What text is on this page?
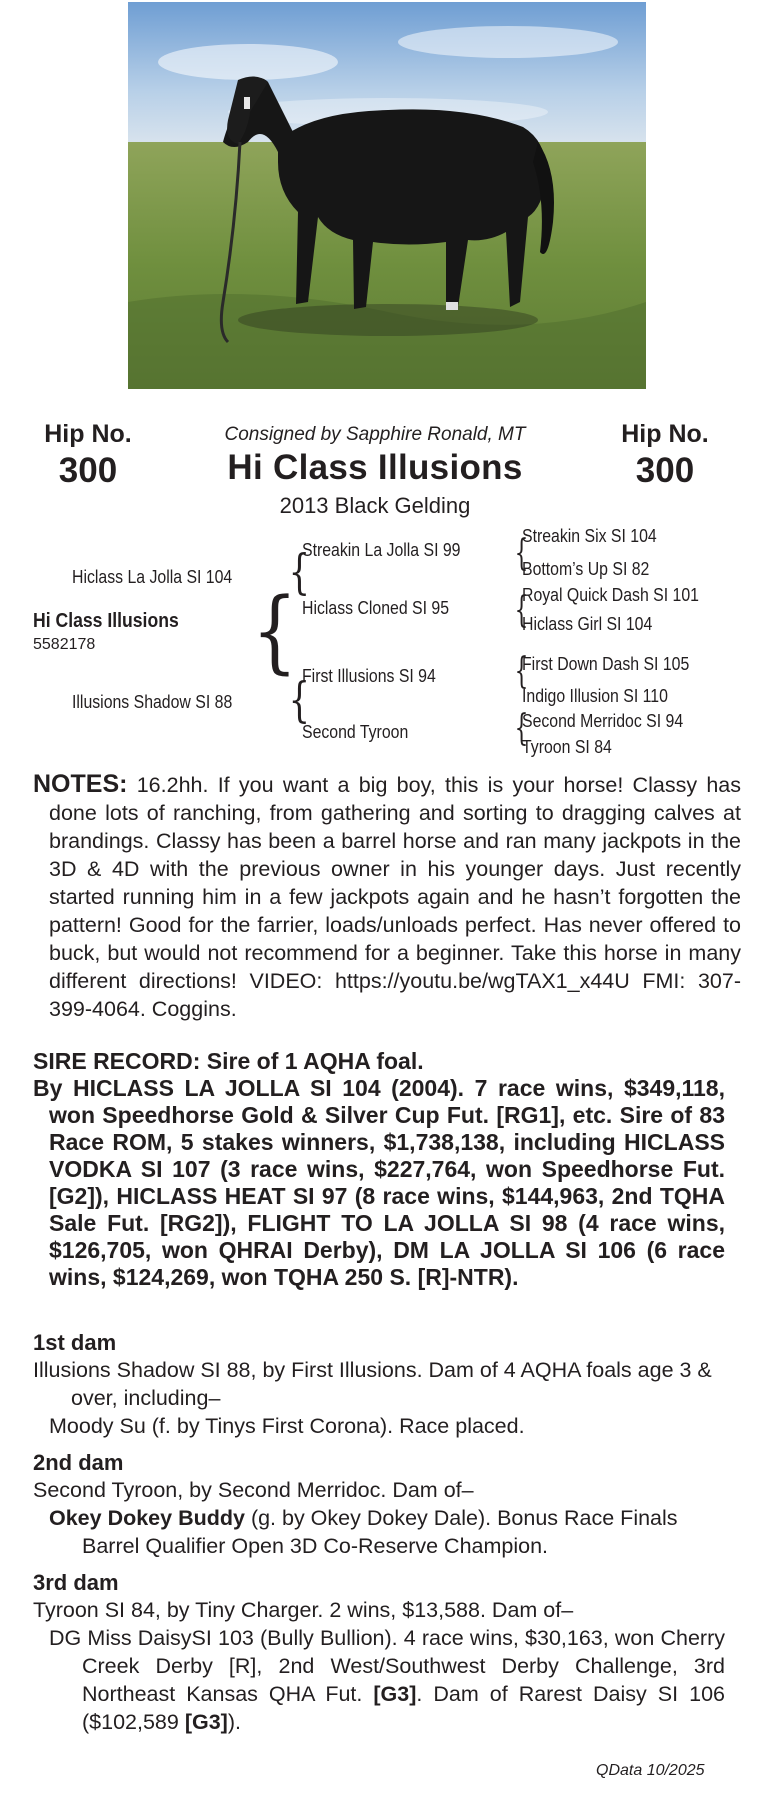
Hip No.
300
Hip No.
300
Consigned by Sapphire Ronald, MT
Hi Class Illusions
2013 Black Gelding
Hi Class Illusions
5582178
Hiclass La Jolla SI 104
Illusions Shadow SI 88
{
{
{
Streakin La Jolla SI 99
Hiclass Cloned SI 95
First Illusions SI 94
Second Tyroon
{
{
{
{
Streakin Six SI 104
Bottom’s Up SI 82
Royal Quick Dash SI 101
Hiclass Girl SI 104
First Down Dash SI 105
Indigo Illusion SI 110
Second Merridoc SI 94
Tyroon SI 84
NOTES: 16.2hh. If you want a big boy, this is your horse! Classy has done lots of ranching, from gathering and sorting to dragging calves at brandings. Classy has been a barrel horse and ran many jackpots in the 3D & 4D with the previous owner in his younger days. Just recently started running him in a few jackpots again and he hasn’t forgotten the pattern! Good for the farrier, loads/unloads perfect. Has never offered to buck, but would not recommend for a beginner. Take this horse in many different directions! VIDEO: https://youtu.be/wgTAX1_x44U FMI: 307-399-4064. Coggins.
SIRE RECORD: Sire of 1 AQHA foal.
By HICLASS LA JOLLA SI 104 (2004). 7 race wins, $349,118, won Speedhorse Gold & Silver Cup Fut. [RG1], etc. Sire of 83 Race ROM, 5 stakes winners, $1,738,138, including HICLASS VODKA SI 107 (3 race wins, $227,764, won Speedhorse Fut. [G2]), HICLASS HEAT SI 97 (8 race wins, $144,963, 2nd TQHA Sale Fut. [RG2]), FLIGHT TO LA JOLLA SI 98 (4 race wins, $126,705, won QHRAI Derby), DM LA JOLLA SI 106 (6 race wins, $124,269, won TQHA 250 S. [R]-NTR).
1st dam
Illusions Shadow SI 88, by First Illusions. Dam of 4 AQHA foals age 3 & over, including–
Moody Su (f. by Tinys First Corona). Race placed.
2nd dam
Second Tyroon, by Second Merridoc. Dam of–
Okey Dokey Buddy (g. by Okey Dokey Dale). Bonus Race Finals Barrel Qualifier Open 3D Co-Reserve Champion.
3rd dam
Tyroon SI 84, by Tiny Charger. 2 wins, $13,588. Dam of–
DG Miss DaisySI 103 (Bully Bullion). 4 race wins, $30,163, won Cherry Creek Derby [R], 2nd West/Southwest Derby Challenge, 3rd Northeast Kansas QHA Fut. [G3]. Dam of Rarest Daisy SI 106 ($102,589 [G3]).
QData 10/2025
